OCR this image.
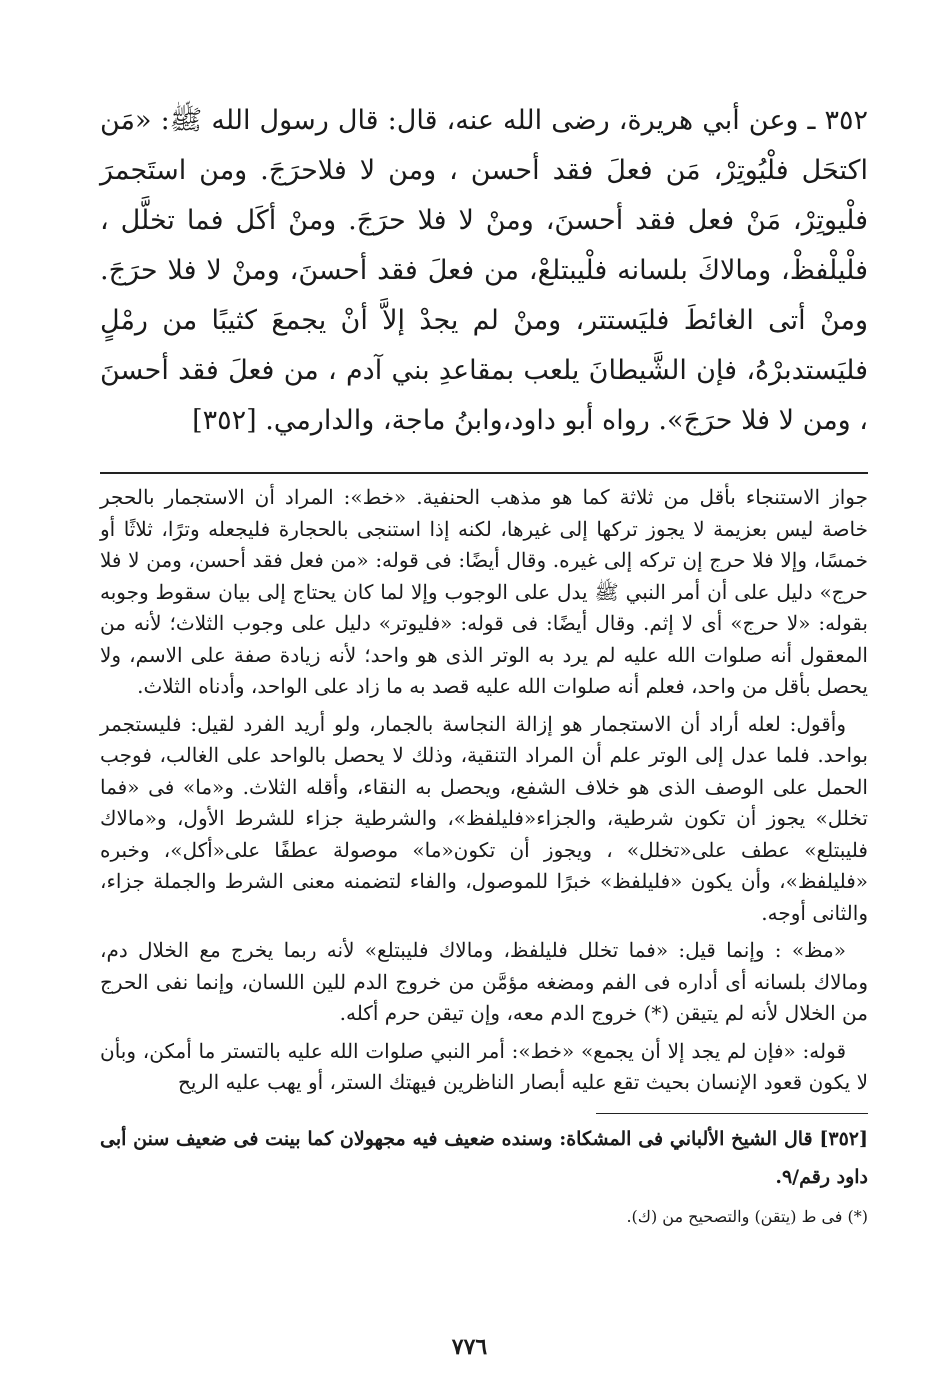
٣٥٢ ـ وعن أبي هريرة، رضى الله عنه، قال: قال رسول الله ﷺ: «مَن اكتحَل فلْيُوتِرْ، مَن فعلَ فقد أحسن ، ومن لا فلاحرَجَ. ومن استَجمرَ فلْيوتِرْ، مَنْ فعل فقد أحسنَ، ومنْ لا فلا حرَجَ. ومنْ أكَل فما تخلَّل ، فلْيلْفظْ، ومالاكَ بلسانه فلْيبتلعْ، من فعلَ فقد أحسنَ، ومنْ لا فلا حرَجَ. ومنْ أتى الغائطَ فليَستتر، ومنْ لم يجدْ إلاَّ أنْ يجمعَ كثيبًا من رمْلٍ فليَستدبرْهُ، فإن الشَّيطانَ يلعب بمقاعدِ بني آدم ، من فعلَ فقد أحسنَ ، ومن لا فلا حرَجَ». رواه أبو داود،وابنُ ماجة، والدارمي. [٣٥٢]

جواز الاستنجاء بأقل من ثلاثة كما هو مذهب الحنفية. «خط»: المراد أن الاستجمار بالحجر خاصة ليس بعزيمة لا يجوز تركها إلى غيرها، لكنه إذا استنجى بالحجارة فليجعله وترًا، ثلاثًا أو خمسًا، وإلا فلا حرج إن تركه إلى غيره. وقال أيضًا: فى قوله: «من فعل فقد أحسن، ومن لا فلا حرج» دليل على أن أمر النبي ﷺ يدل على الوجوب وإلا لما كان يحتاج إلى بيان سقوط وجوبه بقوله: «لا حرج» أى لا إثم. وقال أيضًا: فى قوله: «فليوتر» دليل على وجوب الثلاث؛ لأنه من المعقول أنه صلوات الله عليه لم يرد به الوتر الذى هو واحد؛ لأنه زيادة صفة على الاسم، ولا يحصل بأقل من واحد، فعلم أنه صلوات الله عليه قصد به ما زاد على الواحد، وأدناه الثلاث.

وأقول: لعله أراد أن الاستجمار هو إزالة النجاسة بالجمار، ولو أريد الفرد لقيل: فليستجمر بواحد. فلما عدل إلى الوتر علم أن المراد التنقية، وذلك لا يحصل بالواحد على الغالب، فوجب الحمل على الوصف الذى هو خلاف الشفع، ويحصل به النقاء، وأقله الثلاث. و«ما» فى «فما تخلل» يجوز أن تكون شرطية، والجزاء«فليلفظ»، والشرطية جزاء للشرط الأول، و«مالاك فليبتلع» عطف على«تخلل» ، ويجوز أن تكون«ما» موصولة عطفًا على«أكل»، وخبره «فليلفظ»، وأن يكون «فليلفظ» خبرًا للموصول، والفاء لتضمنه معنى الشرط والجملة جزاء، والثانى أوجه.

«مظ» : وإنما قيل: «فما تخلل فليلفظ، ومالاك فليبتلع» لأنه ربما يخرج مع الخلال دم، ومالاك بلسانه أى أداره فى الفم ومضغه مؤمَّن من خروج الدم للين اللسان، وإنما نفى الحرج من الخلال لأنه لم يتيقن (*) خروج الدم معه، وإن تيقن حرم أكله.

قوله: «فإن لم يجد إلا أن يجمع» «خط»: أمر النبي صلوات الله عليه بالتستر ما أمكن، وبأن لا يكون قعود الإنسان بحيث تقع عليه أبصار الناظرين فيهتك الستر، أو يهب عليه الريح

[٣٥٢] قال الشيخ الألباني فى المشكاة: وسنده ضعيف فيه مجهولان كما بينت فى ضعيف سنن أبى داود رقم/٩.

(*) فى ط (يتقن) والتصحيح من (ك).

٧٧٦
